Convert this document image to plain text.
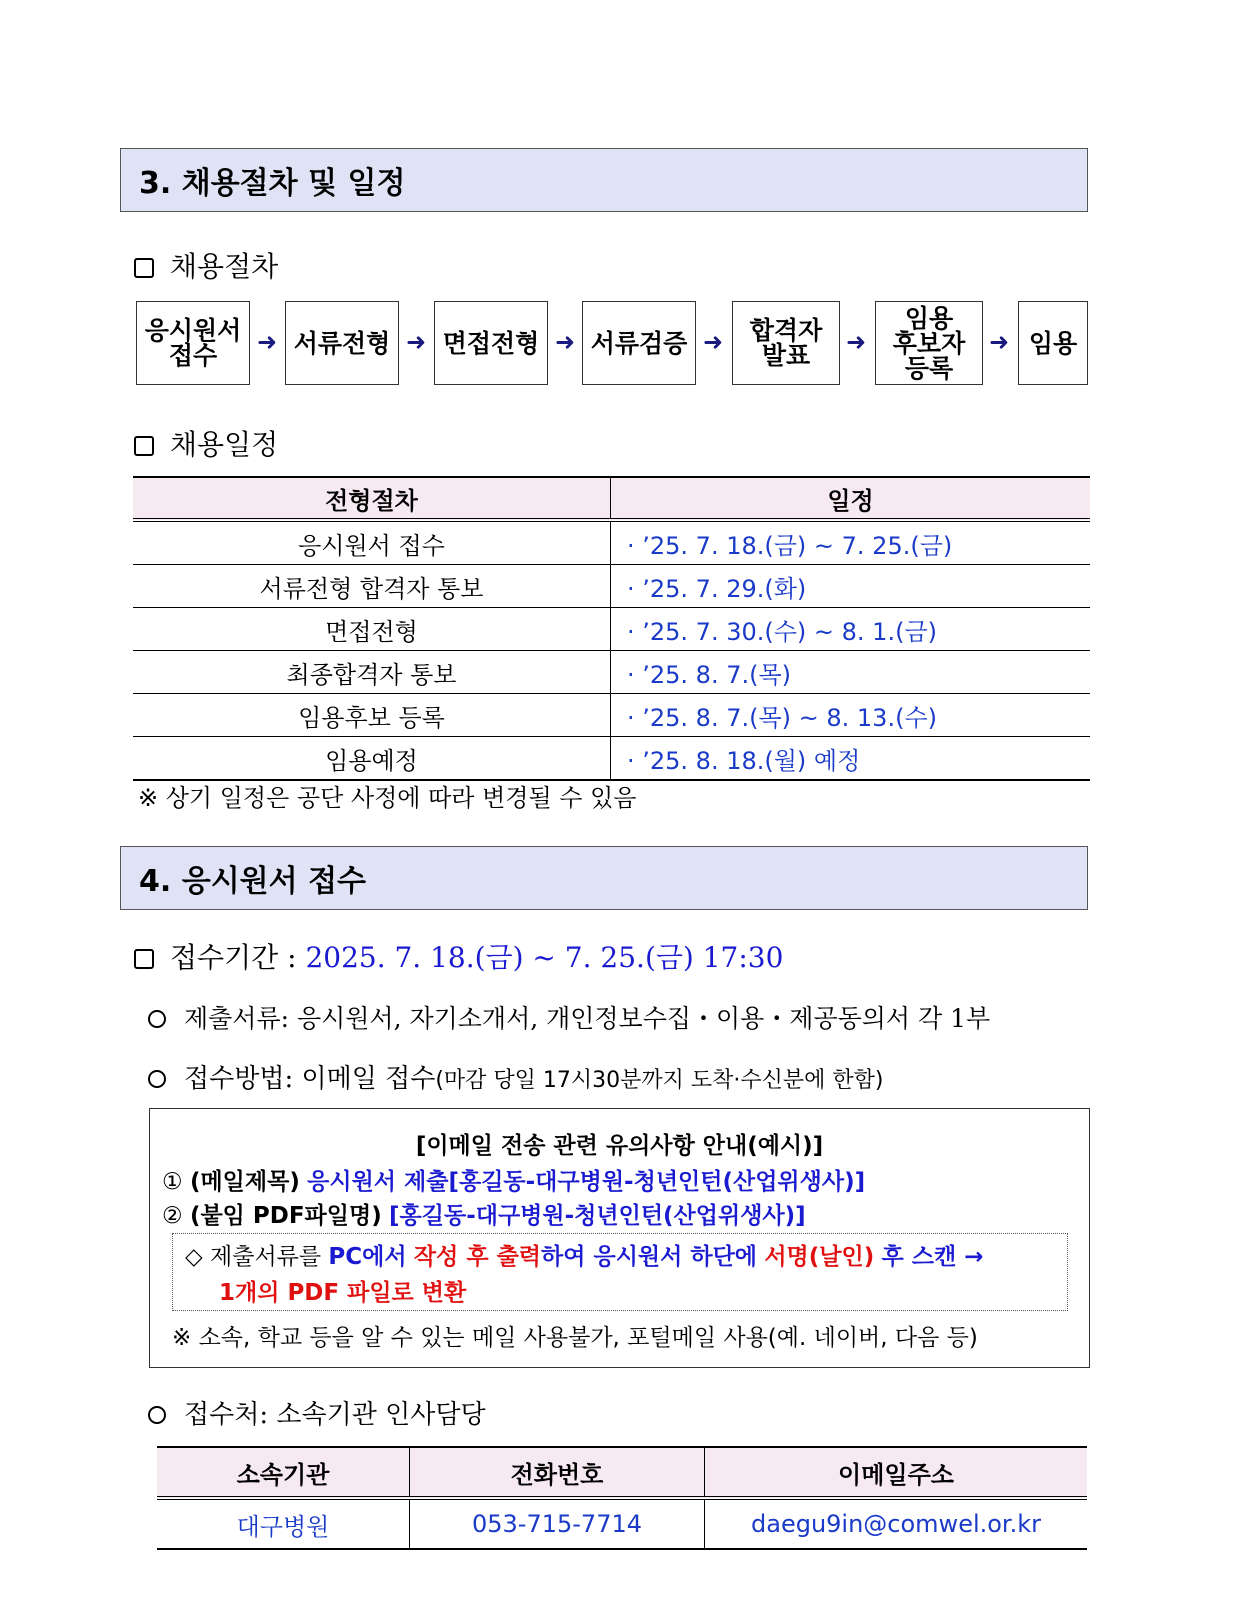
3. 채용절차 및 일정
채용절차
응시원서
접수	➜ 서류전형 ➜ 면접전형 ➜ 서류검증 ➜ 합격자
발표	➜
임용
후보자
등록
➜ 임용
채용일정
전형절차	일정
응시원서 접수	· ’25. 7. 18.(금) ~ 7. 25.(금)
서류전형 합격자 통보	· ’25. 7. 29.(화)
면접전형	· ’25. 7. 30.(수) ~ 8. 1.(금)
최종합격자 통보	· ’25. 8. 7.(목)
임용후보 등록	· ’25. 8. 7.(목) ~ 8. 13.(수)
임용예정	· ’25. 8. 18.(월) 예정
※ 상기 일정은 공단 사정에 따라 변경될 수 있음
4. 응시원서 접수
접수기간 : 2025. 7. 18.(금) ~ 7. 25.(금) 17:30
제출서류: 응시원서, 자기소개서, 개인정보수집・이용・제공동의서 각 1부
접수방법: 이메일 접수(마감 당일 17시30분까지 도착·수신분에 한함)
[이메일 전송 관련 유의사항 안내(예시)]
① (메일제목) 응시원서 제출[홍길동-대구병원-청년인턴(산업위생사)]
② (붙임 PDF파일명) [홍길동-대구병원-청년인턴(산업위생사)]
◇ 제출서류를 PC에서 작성 후 출력하여 응시원서 하단에 서명(날인) 후 스캔 →
1개의 PDF 파일로 변환
※ 소속, 학교 등을 알 수 있는 메일 사용불가, 포털메일 사용(예. 네이버, 다음 등)
접수처: 소속기관 인사담당
소속기관	전화번호	이메일주소
대구병원	053-715-7714	daegu9in@comwel.or.kr
